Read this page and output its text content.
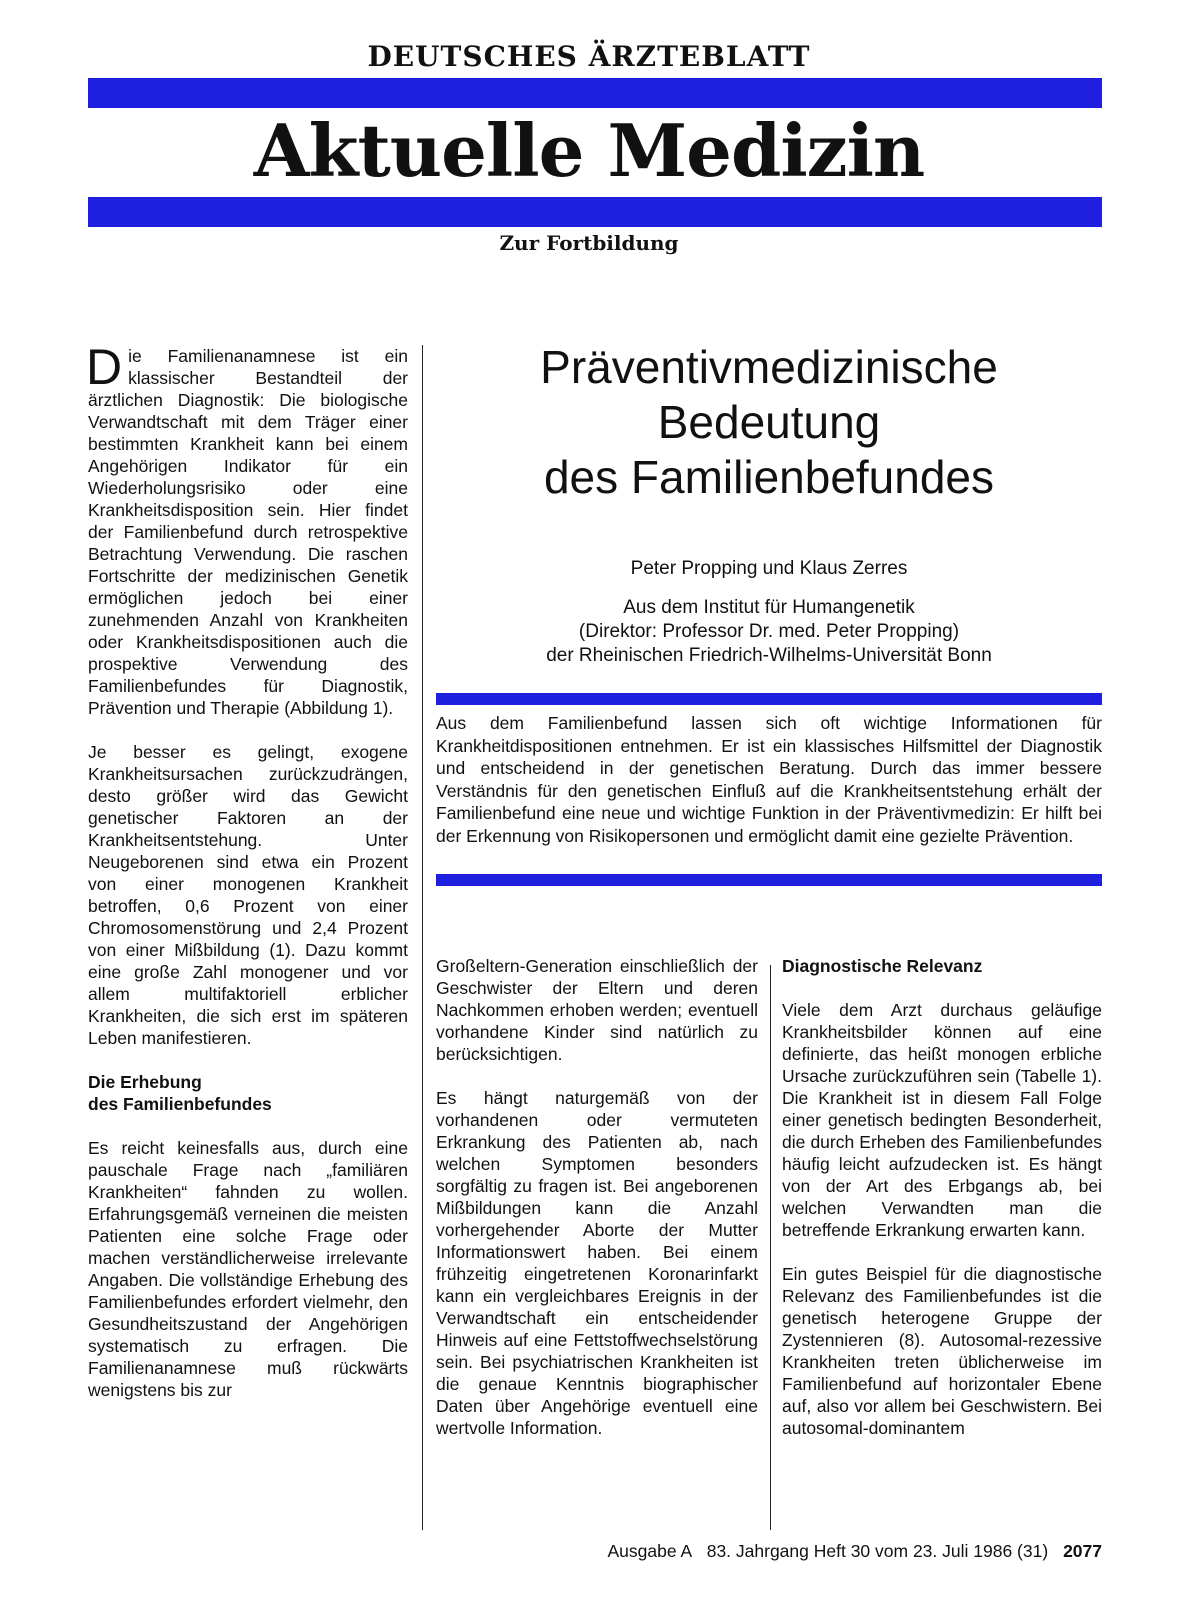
DEUTSCHES ÄRZTEBLATT
Aktuelle Medizin
Zur Fortbildung

Die Familienanamnese ist ein klassischer Bestandteil der ärztlichen Diagnostik: Die biologische Verwandtschaft mit dem Träger einer bestimmten Krankheit kann bei einem Angehörigen Indikator für ein Wiederholungsrisiko oder eine Krankheitsdisposition sein. Hier findet der Familienbefund durch retrospektive Betrachtung Verwendung. Die raschen Fortschritte der medizinischen Genetik ermöglichen jedoch bei einer zunehmenden Anzahl von Krankheiten oder Krankheitsdispositionen auch die prospektive Verwendung des Familienbefundes für Diagnostik, Prävention und Therapie (Abbildung 1).

Je besser es gelingt, exogene Krankheitsursachen zurückzudrängen, desto größer wird das Gewicht genetischer Faktoren an der Krankheitsentstehung. Unter Neugeborenen sind etwa ein Prozent von einer monogenen Krankheit betroffen, 0,6 Prozent von einer Chromosomenstörung und 2,4 Prozent von einer Mißbildung (1). Dazu kommt eine große Zahl monogener und vor allem multifaktoriell erblicher Krankheiten, die sich erst im späteren Leben manifestieren.

Die Erhebung
des Familienbefundes

Es reicht keinesfalls aus, durch eine pauschale Frage nach „familiären Krankheiten“ fahnden zu wollen. Erfahrungsgemäß verneinen die meisten Patienten eine solche Frage oder machen verständlicherweise irrelevante Angaben. Die vollständige Erhebung des Familienbefundes erfordert vielmehr, den Gesundheitszustand der Angehörigen systematisch zu erfragen. Die Familienanamnese muß rückwärts wenigstens bis zur

Präventivmedizinische
Bedeutung
des Familienbefundes
Peter Propping und Klaus Zerres
Aus dem Institut für Humangenetik
(Direktor: Professor Dr. med. Peter Propping)
der Rheinischen Friedrich-Wilhelms-Universität Bonn
Aus dem Familienbefund lassen sich oft wichtige Informationen für Krankheitdispositionen entnehmen. Er ist ein klassisches Hilfsmittel der Diagnostik und entscheidend in der genetischen Beratung. Durch das immer bessere Verständnis für den genetischen Einfluß auf die Krankheitsentstehung erhält der Familienbefund eine neue und wichtige Funktion in der Präventivmedizin: Er hilft bei der Erkennung von Risikopersonen und ermöglicht damit eine gezielte Prävention.

Großeltern-Generation einschließlich der Geschwister der Eltern und deren Nachkommen erhoben werden; eventuell vorhandene Kinder sind natürlich zu berücksichtigen.

Es hängt naturgemäß von der vorhandenen oder vermuteten Erkrankung des Patienten ab, nach welchen Symptomen besonders sorgfältig zu fragen ist. Bei angeborenen Mißbildungen kann die Anzahl vorhergehender Aborte der Mutter Informationswert haben. Bei einem frühzeitig eingetretenen Koronarinfarkt kann ein vergleichbares Ereignis in der Verwandtschaft ein entscheidender Hinweis auf eine Fettstoffwechselstörung sein. Bei psychiatrischen Krankheiten ist die genaue Kenntnis biographischer Daten über Angehörige eventuell eine wertvolle Information.

Diagnostische Relevanz

Viele dem Arzt durchaus geläufige Krankheitsbilder können auf eine definierte, das heißt monogen erbliche Ursache zurückzuführen sein (Tabelle 1). Die Krankheit ist in diesem Fall Folge einer genetisch bedingten Besonderheit, die durch Erheben des Familienbefundes häufig leicht aufzudecken ist. Es hängt von der Art des Erbgangs ab, bei welchen Verwandten man die betreffende Erkrankung erwarten kann.

Ein gutes Beispiel für die diagnostische Relevanz des Familienbefundes ist die genetisch heterogene Gruppe der Zystennieren (8). Autosomal-rezessive Krankheiten treten üblicherweise im Familienbefund auf horizontaler Ebene auf, also vor allem bei Geschwistern. Bei autosomal-dominantem

Ausgabe A 83. Jahrgang Heft 30 vom 23. Juli 1986 (31) 2077
